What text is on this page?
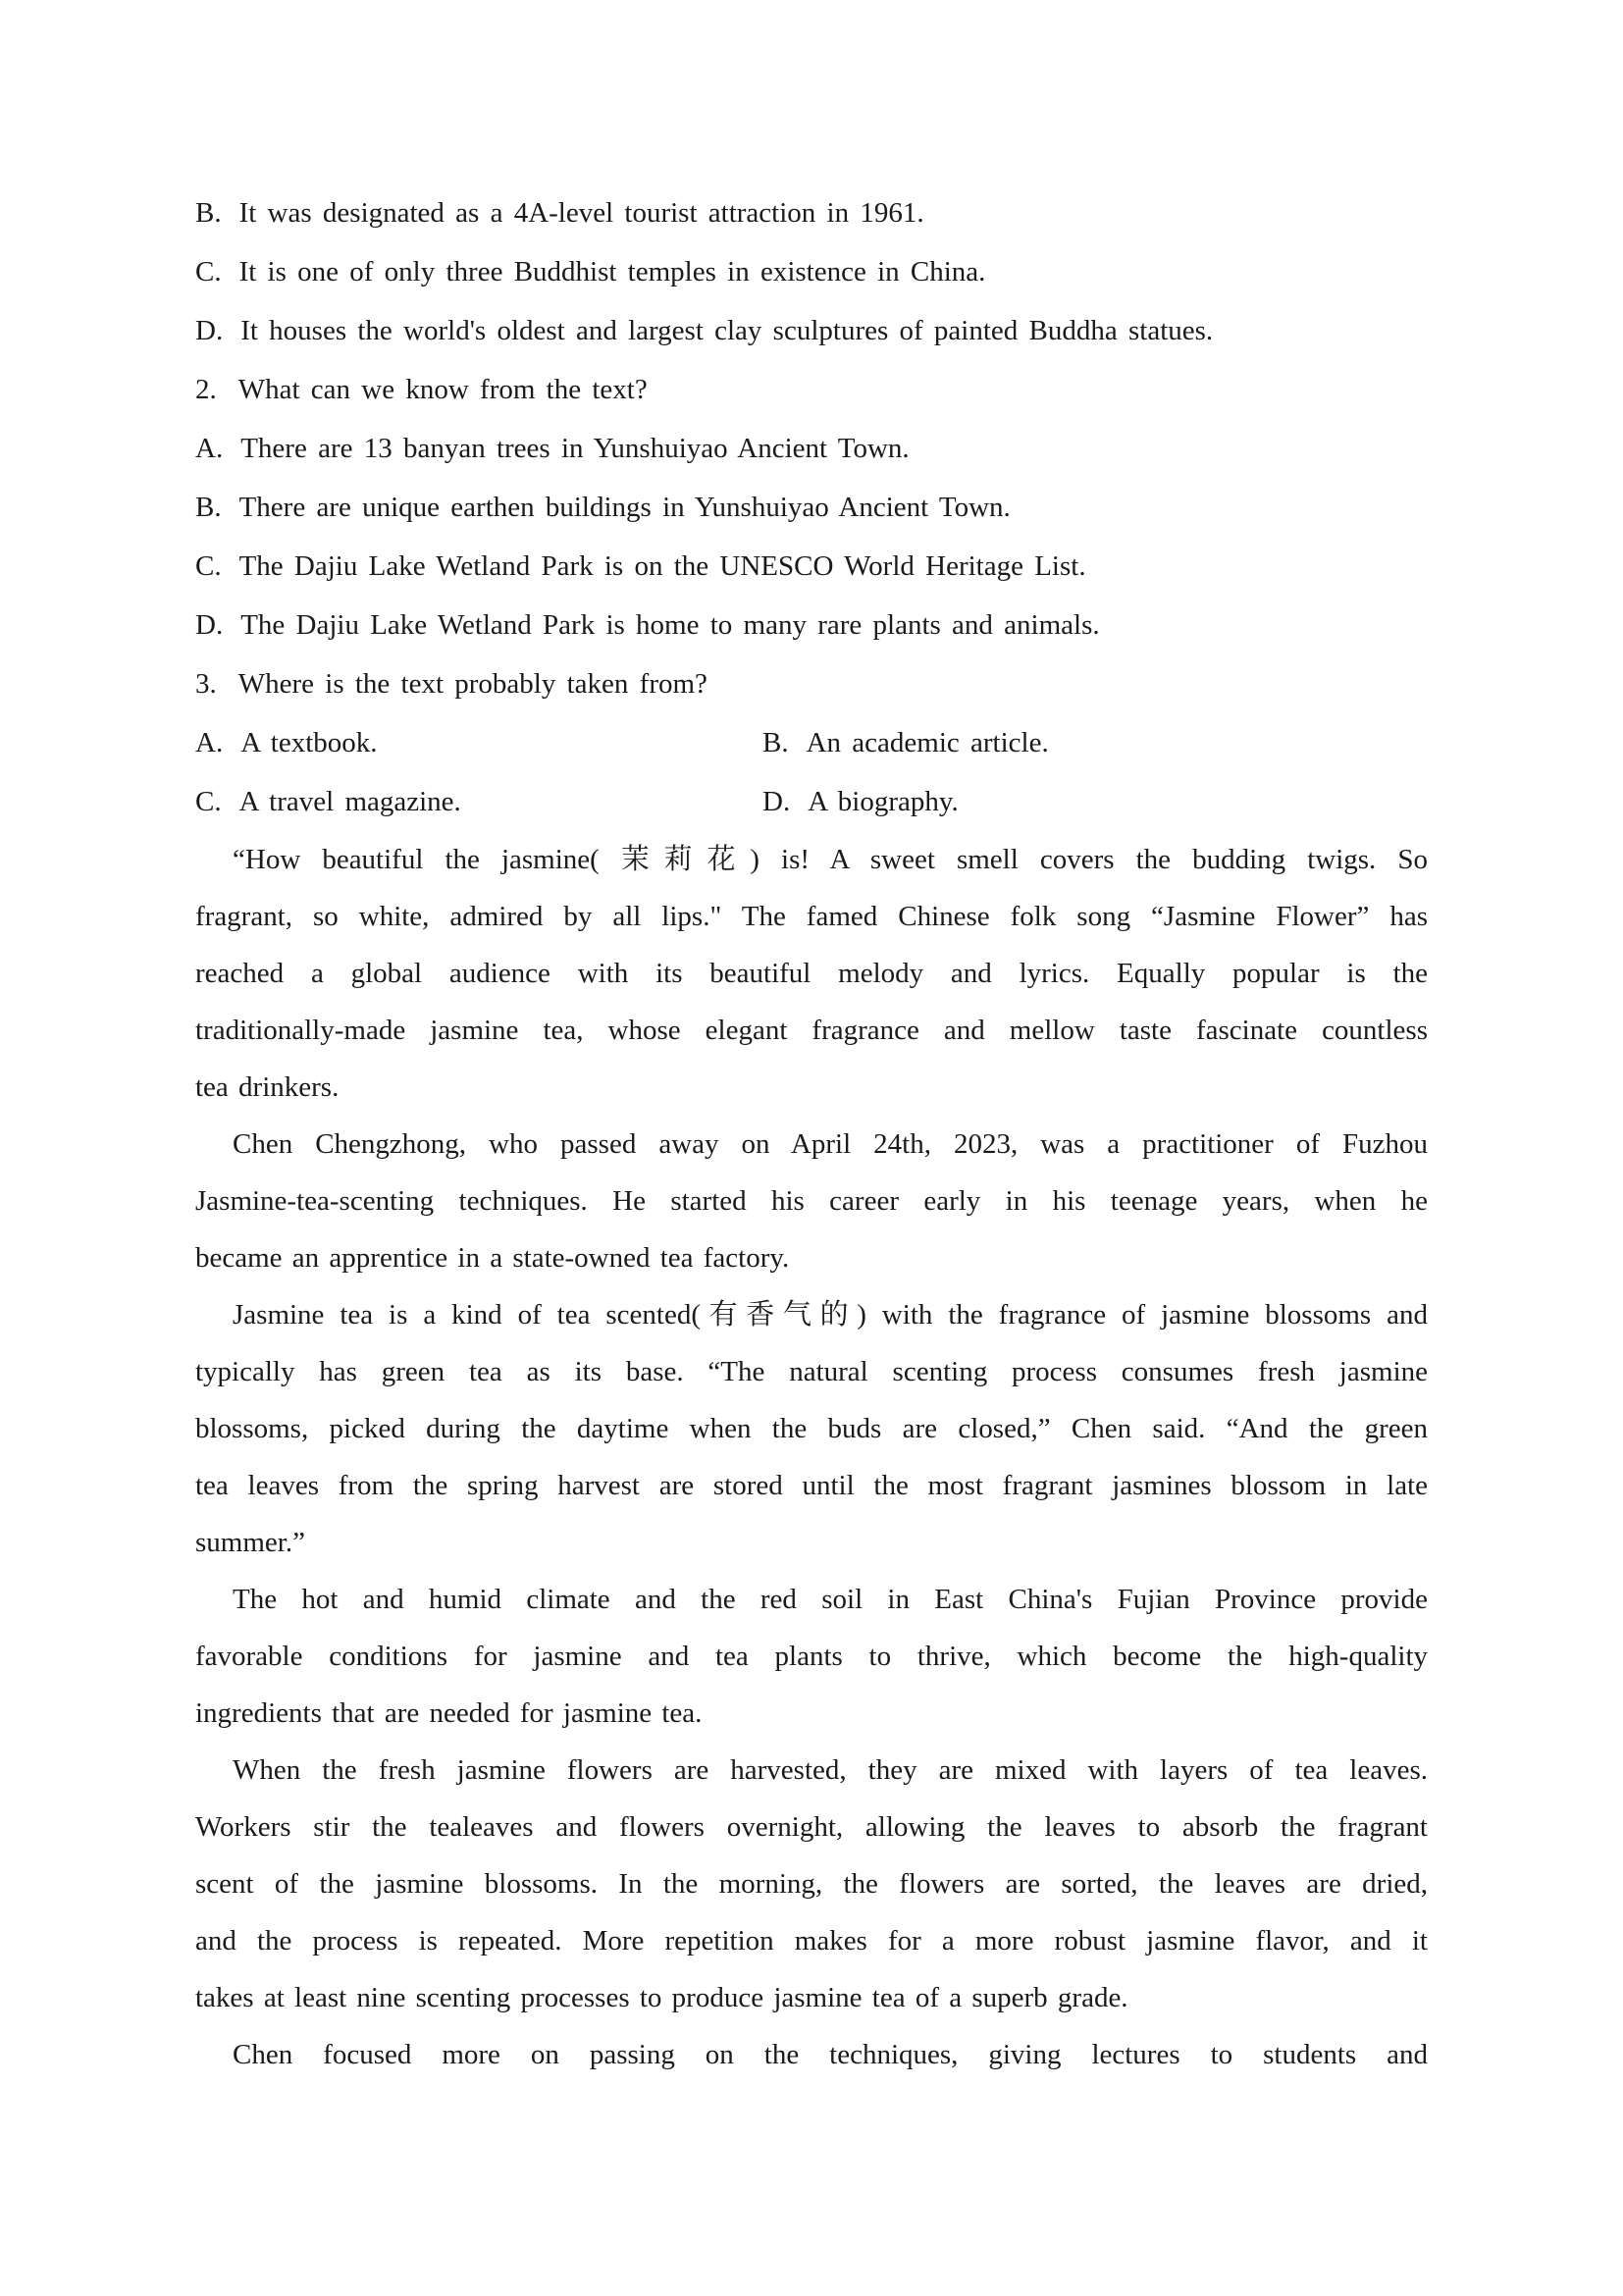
B. It was designated as a 4A-level tourist attraction in 1961.
C. It is one of only three Buddhist temples in existence in China.
D. It houses the world's oldest and largest clay sculptures of painted Buddha statues.
2. What can we know from the text?
A. There are 13 banyan trees in Yunshuiyao Ancient Town.
B. There are unique earthen buildings in Yunshuiyao Ancient Town.
C. The Dajiu Lake Wetland Park is on the UNESCO World Heritage List.
D. The Dajiu Lake Wetland Park is home to many rare plants and animals.
3. Where is the text probably taken from?
A. A textbook.	B. An academic article.
C. A travel magazine.	D. A biography.
“How beautiful the jasmine( 茉莉花) is! A sweet smell covers the budding twigs. So
fragrant, so white, admired by all lips." The famed Chinese folk song “Jasmine Flower” has
reached a global audience with its beautiful melody and lyrics. Equally popular is the
traditionally-made jasmine tea, whose elegant fragrance and mellow taste fascinate countless
tea drinkers.
Chen Chengzhong, who passed away on April 24th, 2023, was a practitioner of Fuzhou
Jasmine-tea-scenting techniques. He started his career early in his teenage years, when he
became an apprentice in a state-owned tea factory.
Jasmine tea is a kind of tea scented(有香气的) with the fragrance of jasmine blossoms and
typically has green tea as its base. “The natural scenting process consumes fresh jasmine
blossoms, picked during the daytime when the buds are closed,” Chen said. “And the green
tea leaves from the spring harvest are stored until the most fragrant jasmines blossom in late
summer.”
The hot and humid climate and the red soil in East China's Fujian Province provide
favorable conditions for jasmine and tea plants to thrive, which become the high-quality
ingredients that are needed for jasmine tea.
When the fresh jasmine flowers are harvested, they are mixed with layers of tea leaves.
Workers stir the tealeaves and flowers overnight, allowing the leaves to absorb the fragrant
scent of the jasmine blossoms. In the morning, the flowers are sorted, the leaves are dried,
and the process is repeated. More repetition makes for a more robust jasmine flavor, and it
takes at least nine scenting processes to produce jasmine tea of a superb grade.
Chen focused more on passing on the techniques, giving lectures to students and
